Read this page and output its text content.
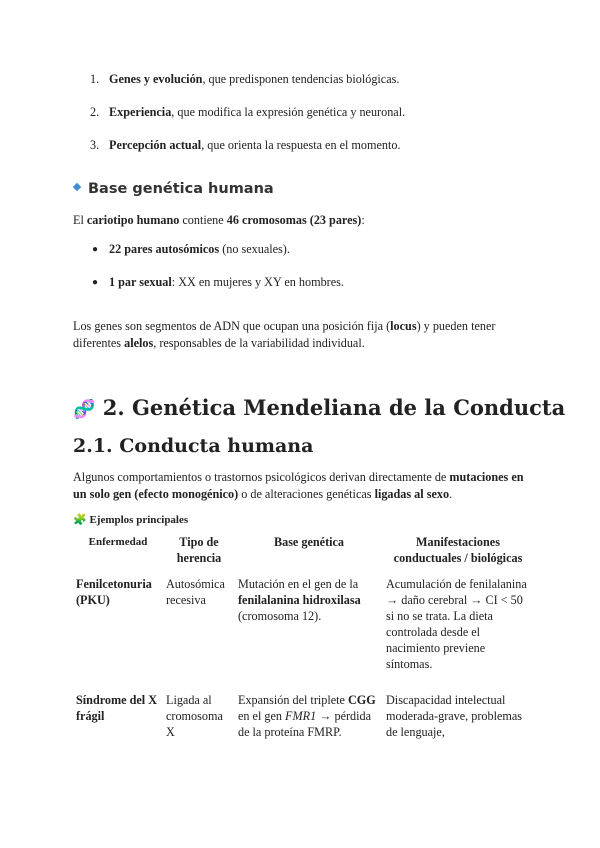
1. Genes y evolución, que predisponen tendencias biológicas.
2. Experiencia, que modifica la expresión genética y neuronal.
3. Percepción actual, que orienta la respuesta en el momento.
Base genética humana
El cariotipo humano contiene 46 cromosomas (23 pares):
● 22 pares autosómicos (no sexuales).
● 1 par sexual: XX en mujeres y XY en hombres.
Los genes son segmentos de ADN que ocupan una posición fija (locus) y pueden tener diferentes alelos, responsables de la variabilidad individual.
🧬 2. Genética Mendeliana de la Conducta
2.1. Conducta humana
Algunos comportamientos o trastornos psicológicos derivan directamente de mutaciones en un solo gen (efecto monogénico) o de alteraciones genéticas ligadas al sexo.
🧩 Ejemplos principales
Enfermedad	Tipo de herencia	Base genética	Manifestaciones conductuales / biológicas
Fenilcetonuria (PKU)	Autosómica recesiva	Mutación en el gen de la fenilalanina hidroxilasa (cromosoma 12).	Acumulación de fenilalanina → daño cerebral → CI < 50 si no se trata. La dieta controlada desde el nacimiento previene síntomas.
Síndrome del X frágil	Ligada al cromosoma X	Expansión del triplete CGG en el gen FMR1 → pérdida de la proteína FMRP.	Discapacidad intelectual moderada-grave, problemas de lenguaje,
